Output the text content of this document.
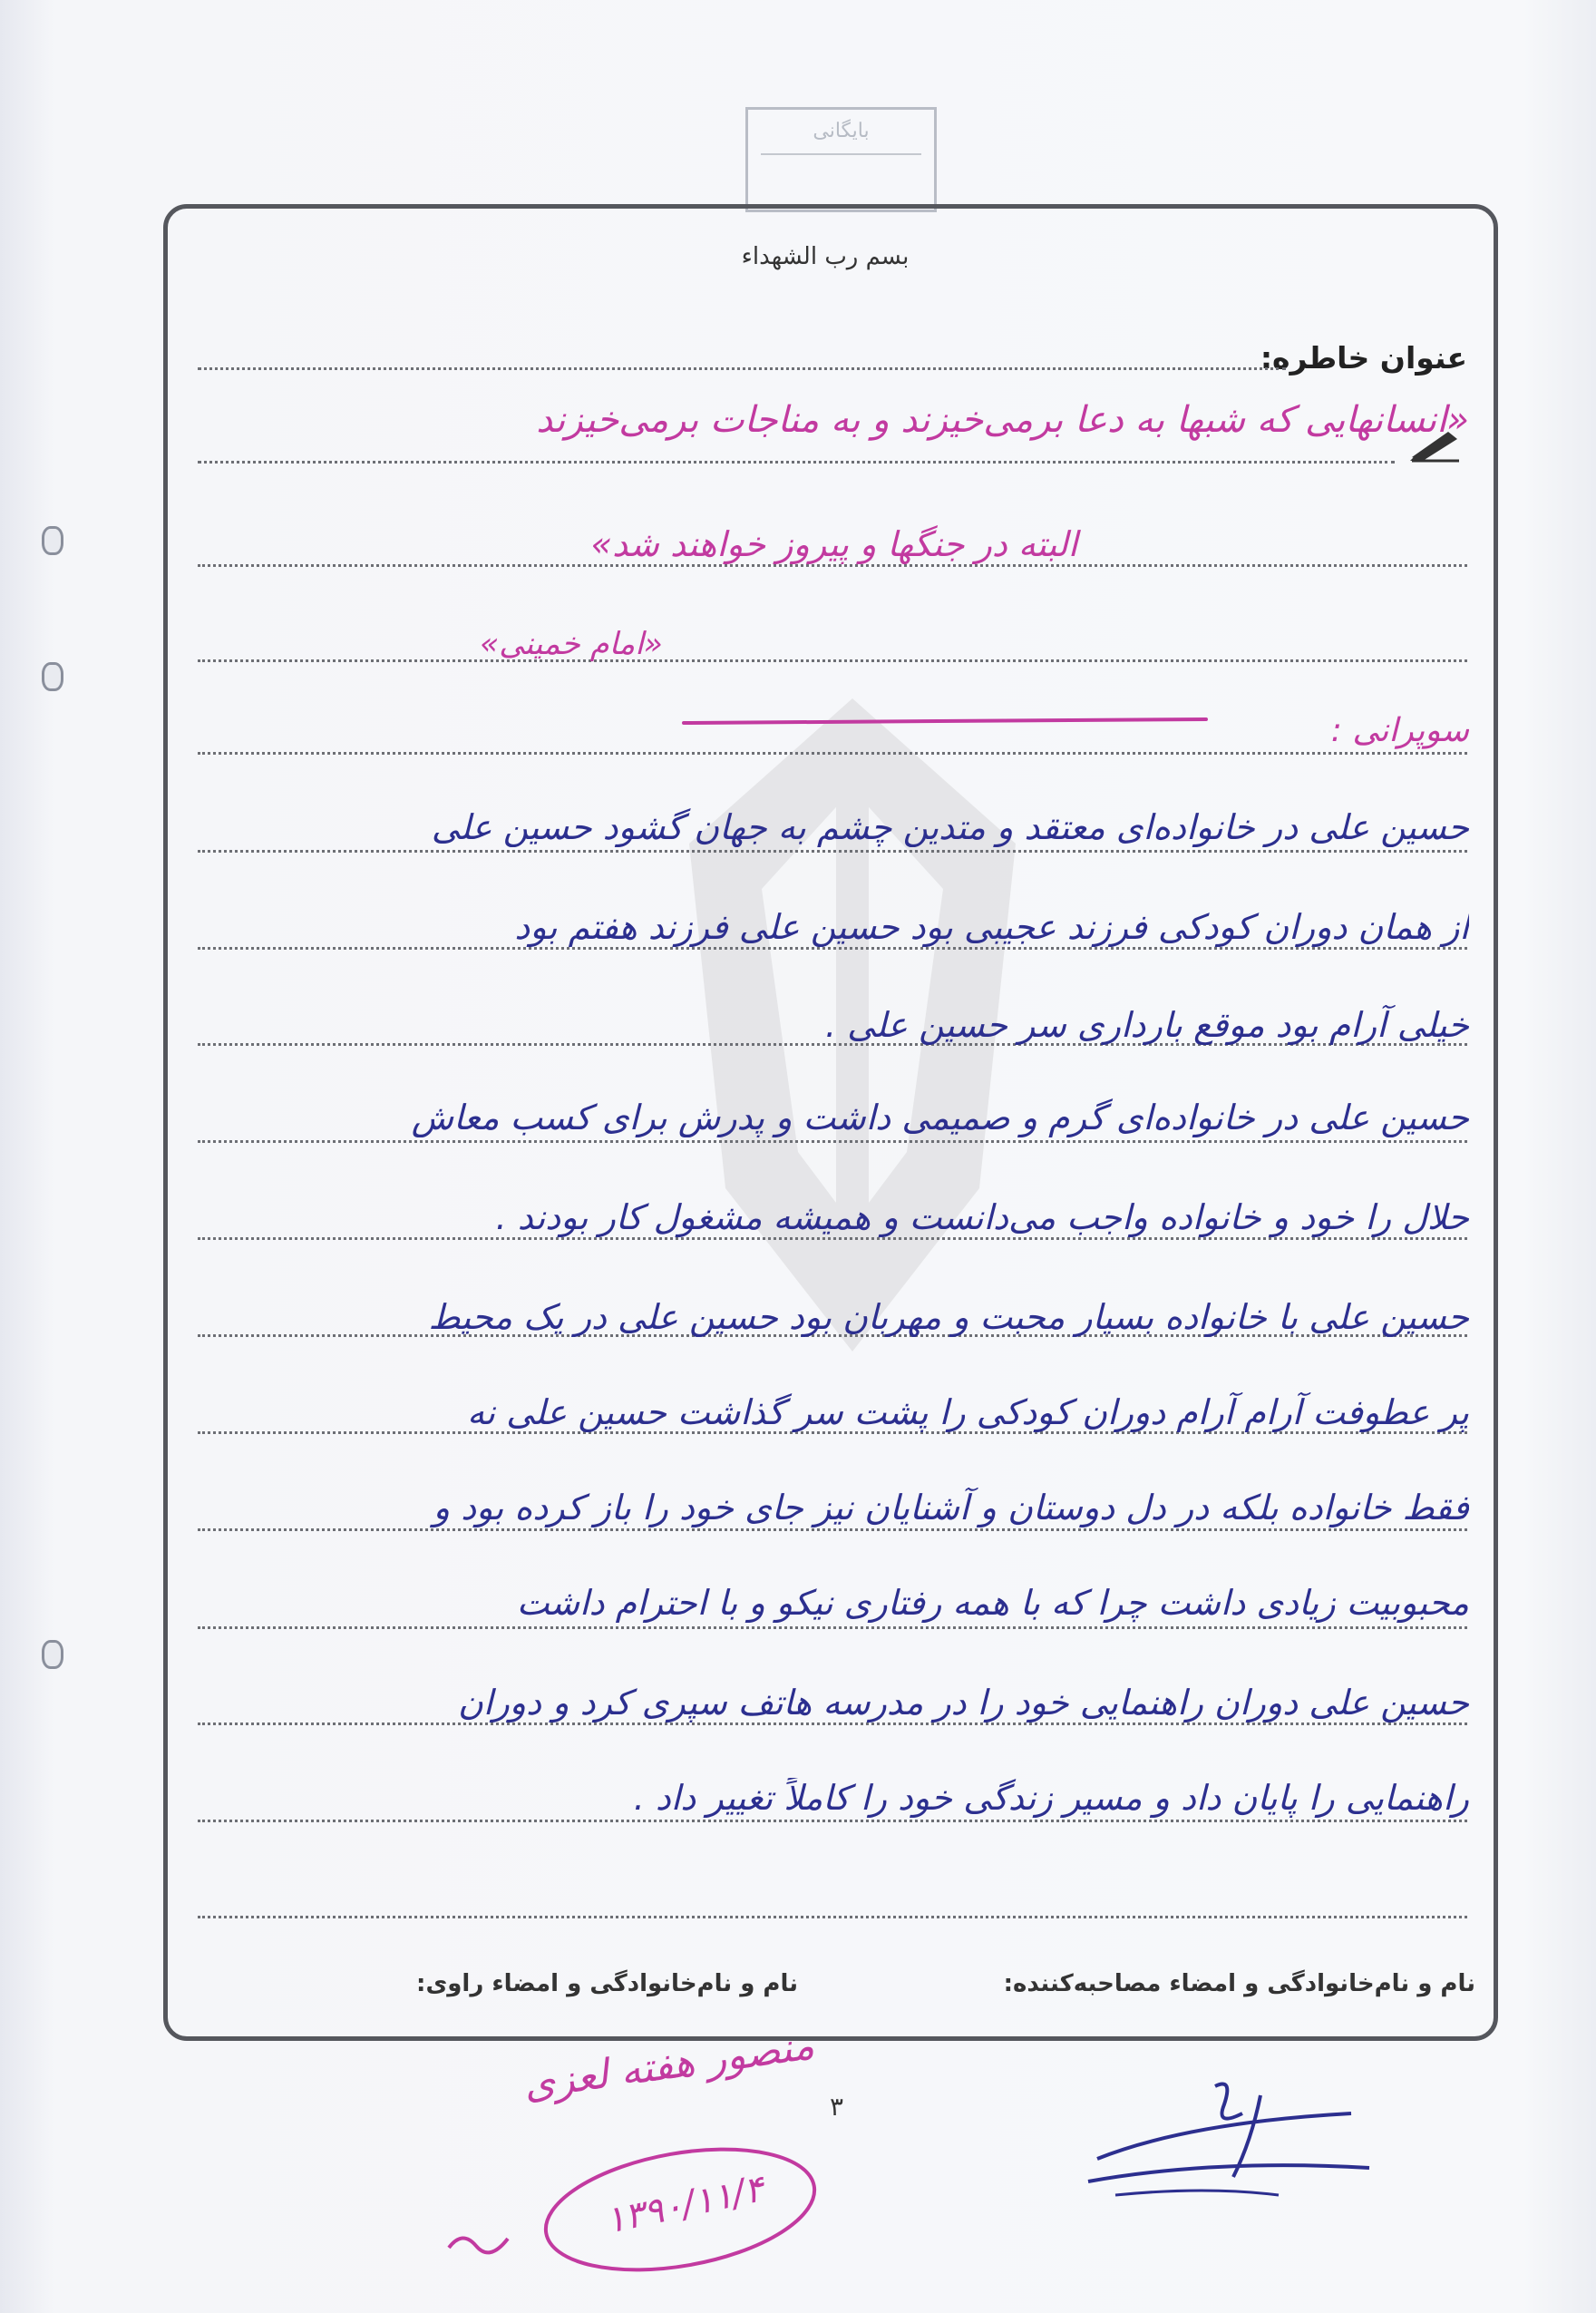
بایگانی
بسم رب الشهداء
عنوان خاطره:
«انسانهایی که شبها به دعا برمی‌خیزند و به مناجات برمی‌خیزند
البته در جنگها و پیروز خواهند شد»
«امام خمینی»
سوپرانی :
حسین علی در خانواده‌ای معتقد و متدین چشم به جهان گشود حسین علی
از همان دوران کودکی فرزند عجیبی بود حسین علی فرزند هفتم بود
خیلی آرام بود موقع بارداری سر حسین علی .
حسین علی در خانواده‌ای گرم و صمیمی داشت و پدرش برای کسب معاش
حلال را خود و خانواده واجب می‌دانست و همیشه مشغول کار بودند .
حسین علی با خانواده بسیار محبت و مهربان بود حسین علی در یک محیط
پر عطوفت آرام آرام دوران کودکی را پشت سر گذاشت حسین علی نه
فقط خانواده بلکه در دل دوستان و آشنایان نیز جای خود را باز کرده بود و
محبوبیت زیادی داشت چرا که با همه رفتاری نیکو و با احترام داشت
حسین علی دوران راهنمایی خود را در مدرسه هاتف سپری کرد و دوران
راهنمایی را پایان داد و مسیر زندگی خود را کاملاً تغییر داد .
نام و نام‌خانوادگی و امضاء مصاحبه‌کننده:
نام و نام‌خانوادگی و امضاء راوی:
۳
منصور هفته لعزی
۱۳۹۰/۱۱/۴
